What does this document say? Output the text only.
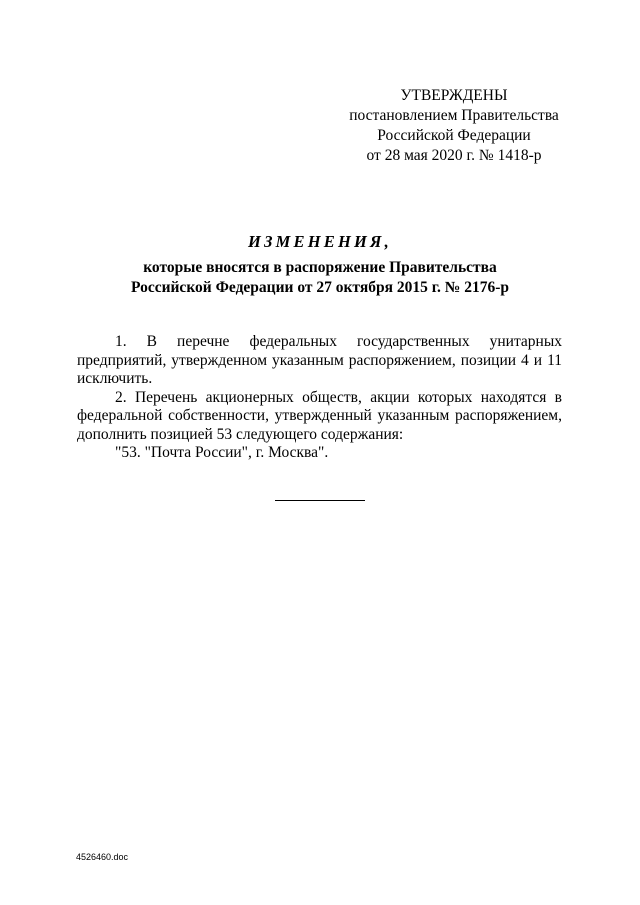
УТВЕРЖДЕНЫ
постановлением Правительства
Российской Федерации
от 28 мая 2020 г. № 1418-р
ИЗМЕНЕНИЯ,
которые вносятся в распоряжение Правительства
Российской Федерации от 27 октября 2015 г. № 2176-р

1. В перечне федеральных государственных унитарных предприятий, утвержденном указанным распоряжением, позиции 4 и 11 исключить.

2. Перечень акционерных обществ, акции которых находятся в федеральной собственности, утвержденный указанным распоряжением, дополнить позицией 53 следующего содержания:

"53. "Почта России", г. Москва".

4526460.doc
